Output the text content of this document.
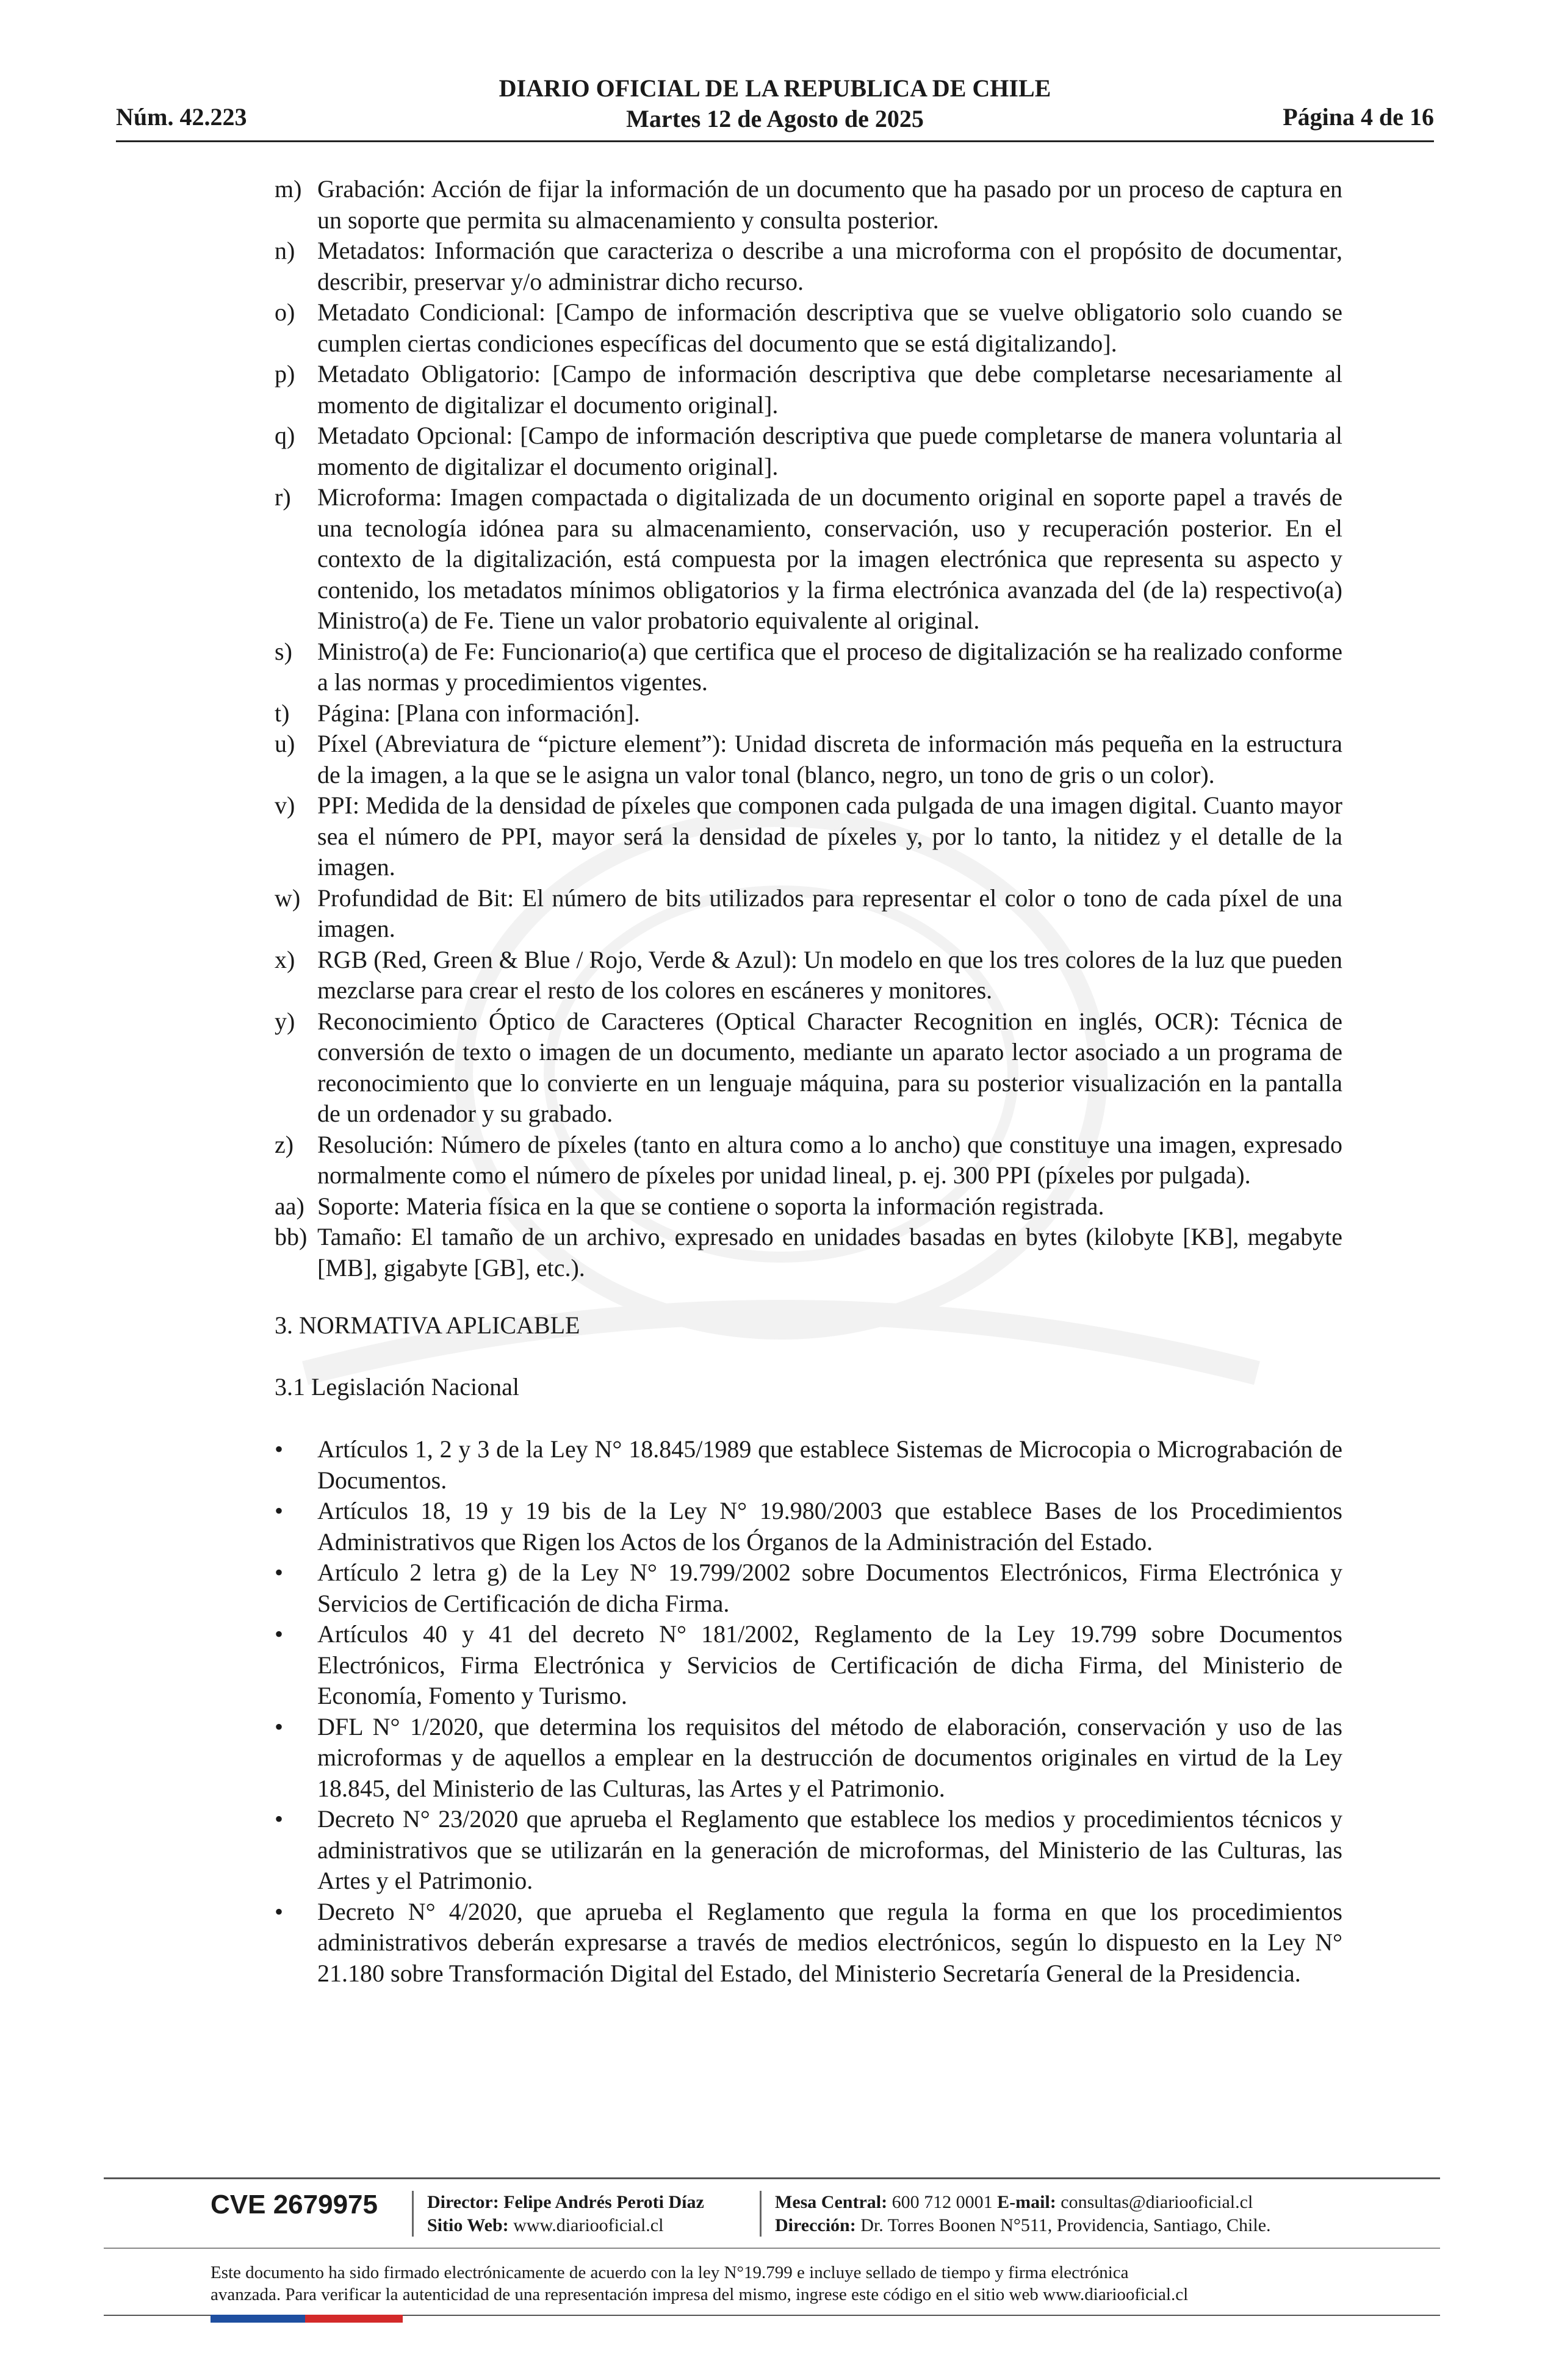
Núm. 42.223
DIARIO OFICIAL DE LA REPUBLICA DE CHILE
Martes 12 de Agosto de 2025	Página 4 de 16
m) Grabación: Acción de fijar la información de un documento que ha pasado por un proceso de captura en un soporte que permita su almacenamiento y consulta posterior.
n) Metadatos: Información que caracteriza o describe a una microforma con el propósito de documentar, describir, preservar y/o administrar dicho recurso.
o) Metadato Condicional: [Campo de información descriptiva que se vuelve obligatorio solo cuando se cumplen ciertas condiciones específicas del documento que se está digitalizando].
p) Metadato Obligatorio: [Campo de información descriptiva que debe completarse necesariamente al momento de digitalizar el documento original].
q) Metadato Opcional: [Campo de información descriptiva que puede completarse de manera voluntaria al momento de digitalizar el documento original].
r) Microforma: Imagen compactada o digitalizada de un documento original en soporte papel a través de una tecnología idónea para su almacenamiento, conservación, uso y recuperación posterior. En el contexto de la digitalización, está compuesta por la imagen electrónica que representa su aspecto y contenido, los metadatos mínimos obligatorios y la firma electrónica avanzada del (de la) respectivo(a) Ministro(a) de Fe. Tiene un valor probatorio equivalente al original.
s) Ministro(a) de Fe: Funcionario(a) que certifica que el proceso de digitalización se ha realizado conforme a las normas y procedimientos vigentes.
t) Página: [Plana con información].
u) Píxel (Abreviatura de “picture element”): Unidad discreta de información más pequeña en la estructura de la imagen, a la que se le asigna un valor tonal (blanco, negro, un tono de gris o un color).
v) PPI: Medida de la densidad de píxeles que componen cada pulgada de una imagen digital. Cuanto mayor sea el número de PPI, mayor será la densidad de píxeles y, por lo tanto, la nitidez y el detalle de la imagen.
w) Profundidad de Bit: El número de bits utilizados para representar el color o tono de cada píxel de una imagen.
x) RGB (Red, Green & Blue / Rojo, Verde & Azul): Un modelo en que los tres colores de la luz que pueden mezclarse para crear el resto de los colores en escáneres y monitores.
y) Reconocimiento Óptico de Caracteres (Optical Character Recognition en inglés, OCR): Técnica de conversión de texto o imagen de un documento, mediante un aparato lector asociado a un programa de reconocimiento que lo convierte en un lenguaje máquina, para su posterior visualización en la pantalla de un ordenador y su grabado.
z) Resolución: Número de píxeles (tanto en altura como a lo ancho) que constituye una imagen, expresado normalmente como el número de píxeles por unidad lineal, p. ej. 300 PPI (píxeles por pulgada).
aa) Soporte: Materia física en la que se contiene o soporta la información registrada.
bb) Tamaño: El tamaño de un archivo, expresado en unidades basadas en bytes (kilobyte [KB], megabyte [MB], gigabyte [GB], etc.).
3. NORMATIVA APLICABLE
3.1 Legislación Nacional
• Artículos 1, 2 y 3 de la Ley N° 18.845/1989 que establece Sistemas de Microcopia o Micrograbación de Documentos.
• Artículos 18, 19 y 19 bis de la Ley N° 19.980/2003 que establece Bases de los Procedimientos Administrativos que Rigen los Actos de los Órganos de la Administración del Estado.
• Artículo 2 letra g) de la Ley N° 19.799/2002 sobre Documentos Electrónicos, Firma Electrónica y Servicios de Certificación de dicha Firma.
• Artículos 40 y 41 del decreto N° 181/2002, Reglamento de la Ley 19.799 sobre Documentos Electrónicos, Firma Electrónica y Servicios de Certificación de dicha Firma, del Ministerio de Economía, Fomento y Turismo.
• DFL N° 1/2020, que determina los requisitos del método de elaboración, conservación y uso de las microformas y de aquellos a emplear en la destrucción de documentos originales en virtud de la Ley 18.845, del Ministerio de las Culturas, las Artes y el Patrimonio.
• Decreto N° 23/2020 que aprueba el Reglamento que establece los medios y procedimientos técnicos y administrativos que se utilizarán en la generación de microformas, del Ministerio de las Culturas, las Artes y el Patrimonio.
• Decreto N° 4/2020, que aprueba el Reglamento que regula la forma en que los procedimientos administrativos deberán expresarse a través de medios electrónicos, según lo dispuesto en la Ley N° 21.180 sobre Transformación Digital del Estado, del Ministerio Secretaría General de la Presidencia.
CVE 2679975	Director: Felipe Andrés Peroti Díaz
Sitio Web: www.diariooficial.cl
Mesa Central: 600 712 0001 E-mail: consultas@diariooficial.cl
Dirección: Dr. Torres Boonen N°511, Providencia, Santiago, Chile.
Este documento ha sido firmado electrónicamente de acuerdo con la ley N°19.799 e incluye sellado de tiempo y firma electrónica
avanzada. Para verificar la autenticidad de una representación impresa del mismo, ingrese este código en el sitio web www.diariooficial.cl
